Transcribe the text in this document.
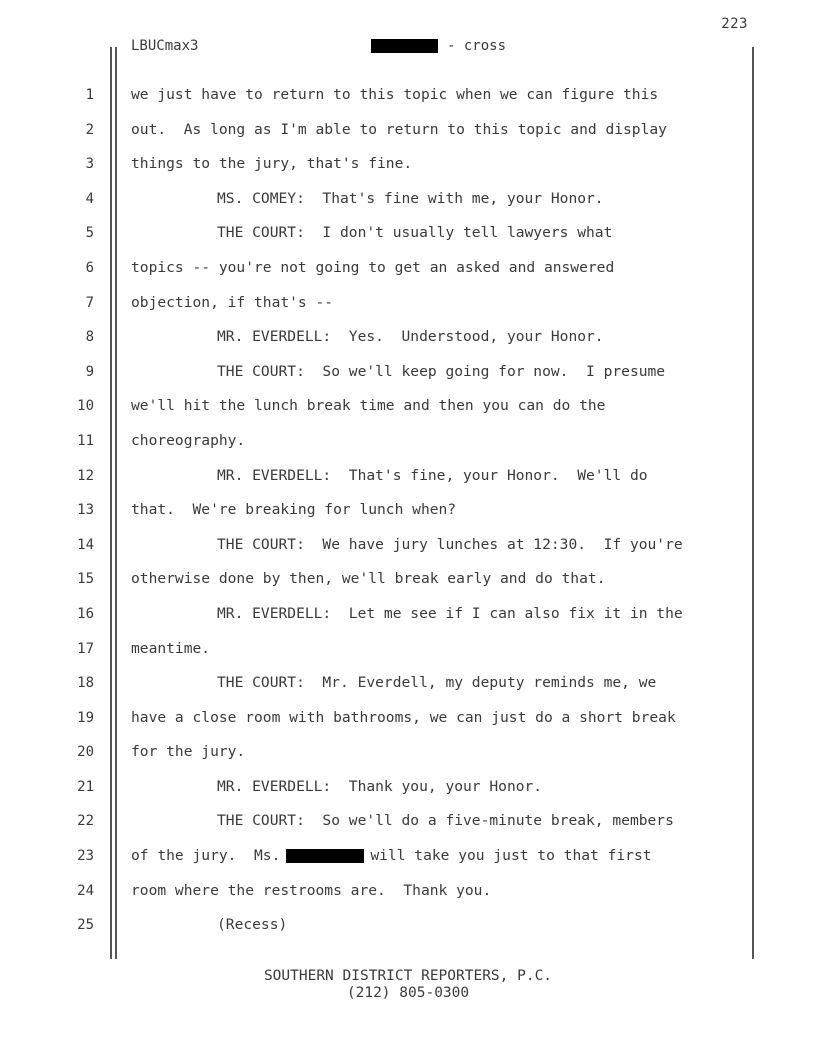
223
LBUCmax3	- cross
1
2
3
4
5
6
7
8
9
10
11
12
13
14
15
16
17
18
19
20
21
22
23
24
25
we just have to return to this topic when we can figure this
out.  As long as I'm able to return to this topic and display
things to the jury, that's fine.
MS. COMEY:  That's fine with me, your Honor.
THE COURT:  I don't usually tell lawyers what
topics -- you're not going to get an asked and answered
objection, if that's --
MR. EVERDELL:  Yes.  Understood, your Honor.
THE COURT:  So we'll keep going for now.  I presume
we'll hit the lunch break time and then you can do the
choreography.
MR. EVERDELL:  That's fine, your Honor.  We'll do
that.  We're breaking for lunch when?
THE COURT:  We have jury lunches at 12:30.  If you're
otherwise done by then, we'll break early and do that.
MR. EVERDELL:  Let me see if I can also fix it in the
meantime.
THE COURT:  Mr. Everdell, my deputy reminds me, we
have a close room with bathrooms, we can just do a short break
for the jury.
MR. EVERDELL:  Thank you, your Honor.
THE COURT:  So we'll do a five-minute break, members
of the jury.  Ms.	will take you just to that first
room where the restrooms are.  Thank you.
(Recess)
SOUTHERN DISTRICT REPORTERS, P.C.
(212) 805-0300
